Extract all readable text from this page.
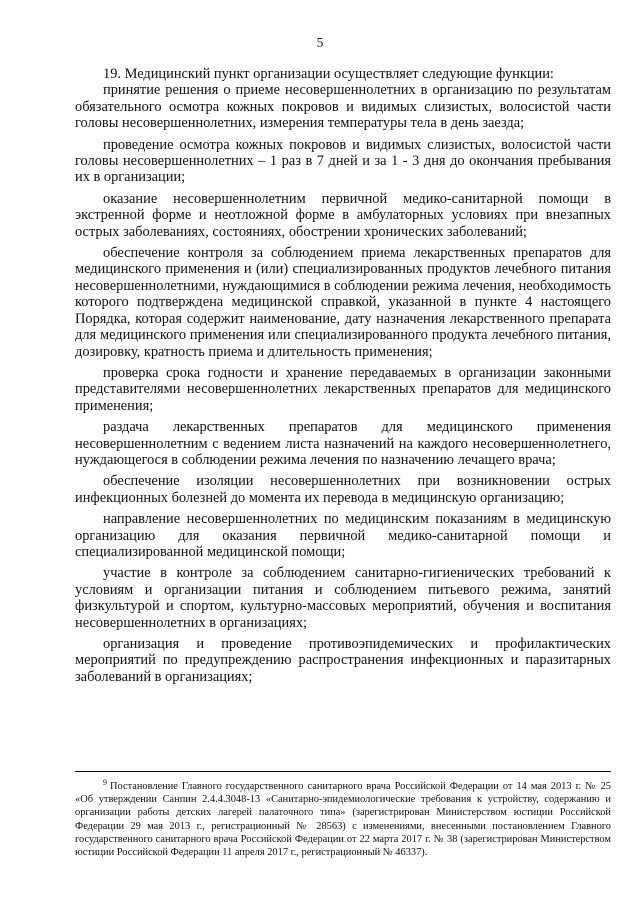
5

19. Медицинский пункт организации осуществляет следующие функции:

принятие решения о приеме несовершеннолетних в организацию по результатам обязательного осмотра кожных покровов и видимых слизистых, волосистой части головы несовершеннолетних, измерения температуры тела в день заезда;

проведение осмотра кожных покровов и видимых слизистых, волосистой части головы несовершеннолетних – 1 раз в 7 дней и за 1 - 3 дня до окончания пребывания их в организации;

оказание несовершеннолетним первичной медико-санитарной помощи в экстренной форме и неотложной форме в амбулаторных условиях при внезапных острых заболеваниях, состояниях, обострении хронических заболеваний;

обеспечение контроля за соблюдением приема лекарственных препаратов для медицинского применения и (или) специализированных продуктов лечебного питания несовершеннолетними, нуждающимися в соблюдении режима лечения, необходимость которого подтверждена медицинской справкой, указанной в пункте 4 настоящего Порядка, которая содержит наименование, дату назначения лекарственного препарата для медицинского применения или специализированного продукта лечебного питания, дозировку, кратность приема и длительность применения;

проверка срока годности и хранение передаваемых в организации законными представителями несовершеннолетних лекарственных препаратов для медицинского применения;

раздача лекарственных препаратов для медицинского применения несовершеннолетним с ведением листа назначений на каждого несовершеннолетнего, нуждающегося в соблюдении режима лечения по назначению лечащего врача;

обеспечение изоляции несовершеннолетних при возникновении острых инфекционных болезней до момента их перевода в медицинскую организацию;

направление несовершеннолетних по медицинским показаниям в медицинскую организацию для оказания первичной медико-санитарной помощи и специализированной медицинской помощи;

участие в контроле за соблюдением санитарно-гигиенических требований к условиям и организации питания и соблюдением питьевого режима, занятий физкультурой и спортом, культурно-массовых мероприятий, обучения и воспитания несовершеннолетних в организациях;

организация и проведение противоэпидемических и профилактических мероприятий по предупреждению распространения инфекционных и паразитарных заболеваний в организациях;

$^9$ Постановление Главного государственного санитарного врача Российской Федерации от 14 мая 2013 г. № 25 «Об утверждении Санпин 2.4.4.3048-13 «Санитарно-эпидемиологические требования к устройству, содержанию и организации работы детских лагерей палаточного типа» (зарегистрирован Министерством юстиции Российской Федерации 29 мая 2013 г., регистрационный № 28563) с изменениями, внесенными постановлением Главного государственного санитарного врача Российской Федерации от 22 марта 2017 г. № 38 (зарегистрирован Министерством юстиции Российской Федерации 11 апреля 2017 г., регистрационный № 46337).
